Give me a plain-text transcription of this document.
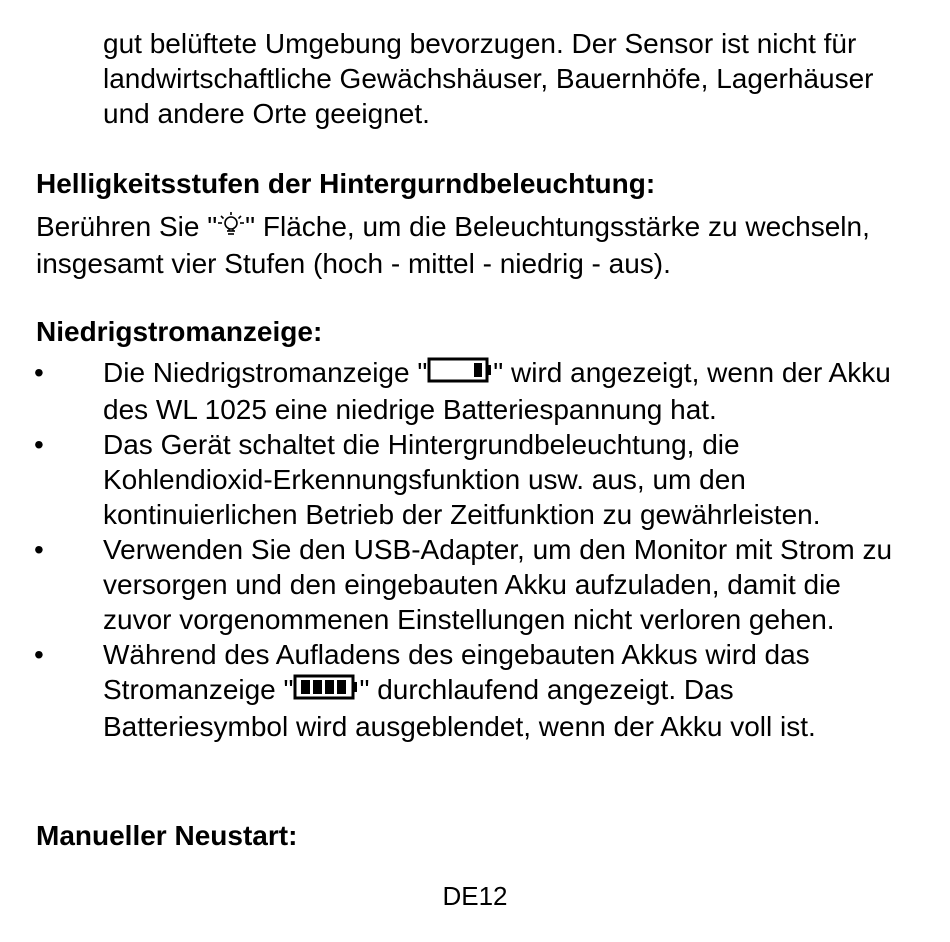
gut belüftete Umgebung bevorzugen. Der Sensor ist nicht für landwirtschaftliche Gewächshäuser, Bauernhöfe, Lagerhäuser und andere Orte geeignet.
Helligkeitsstufen der Hintergurndbeleuchtung:
Berühren Sie " " Fläche, um die Beleuchtungsstärke zu wechseln, insgesamt vier Stufen (hoch - mittel - niedrig - aus).
Niedrigstromanzeige:
• Die Niedrigstromanzeige " " wird angezeigt, wenn der Akku des WL 1025 eine niedrige Batteriespannung hat.
• Das Gerät schaltet die Hintergrundbeleuchtung, die Kohlendioxid-Erkennungsfunktion usw. aus, um den kontinuierlichen Betrieb der Zeitfunktion zu gewährleisten.
• Verwenden Sie den USB-Adapter, um den Monitor mit Strom zu versorgen und den eingebauten Akku aufzuladen, damit die zuvor vorgenommenen Einstellungen nicht verloren gehen.
• Während des Aufladens des eingebauten Akkus wird das Stromanzeige " " durchlaufend angezeigt. Das Batteriesymbol wird ausgeblendet, wenn der Akku voll ist.
Manueller Neustart:
DE12
